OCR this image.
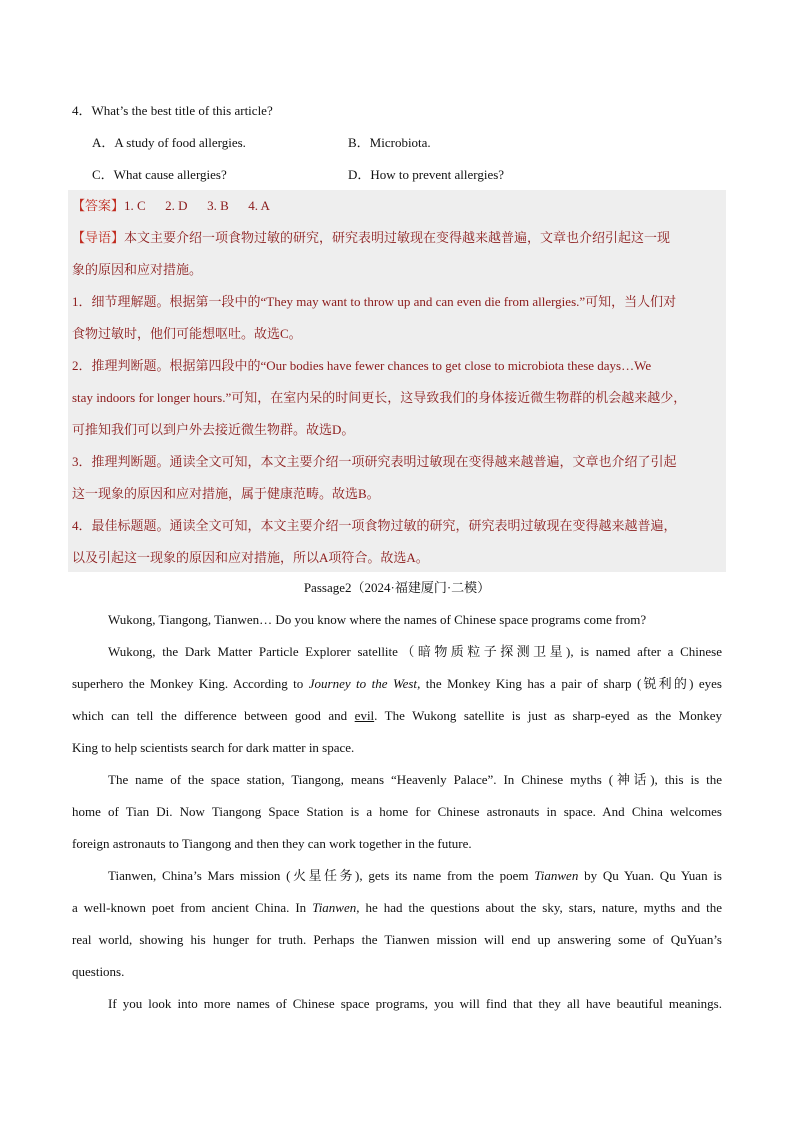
4．What’s the best title of this article?
A．A study of food allergies.	B．Microbiota.
C．What cause allergies?	D．How to prevent allergies?
【答案】1. C      2. D      3. B      4. A
【导语】本文主要介绍一项食物过敏的研究，研究表明过敏现在变得越来越普遍，文章也介绍引起这一现
象的原因和应对措施。
1．细节理解题。根据第一段中的“They may want to throw up and can even die from allergies.”可知，当人们对
食物过敏时，他们可能想呕吐。故选C。
2．推理判断题。根据第四段中的“Our bodies have fewer chances to get close to microbiota these days…We
stay indoors for longer hours.”可知，在室内呆的时间更长，这导致我们的身体接近微生物群的机会越来越少，
可推知我们可以到户外去接近微生物群。故选D。
3．推理判断题。通读全文可知，本文主要介绍一项研究表明过敏现在变得越来越普遍，文章也介绍了引起
这一现象的原因和应对措施，属于健康范畴。故选B。
4．最佳标题题。通读全文可知，本文主要介绍一项食物过敏的研究，研究表明过敏现在变得越来越普遍，
以及引起这一现象的原因和应对措施，所以A项符合。故选A。
Passage2（2024·福建厦门·二模）
Wukong, Tiangong, Tianwen… Do you know where the names of Chinese space programs come from?
Wukong, the Dark Matter Particle Explorer satellite（暗物质粒子探测卫星), is named after a Chinese
superhero the Monkey King. According to Journey to the West, the Monkey King has a pair of sharp (锐利的) eyes
which can tell the difference between good and evil. The Wukong satellite is just as sharp-eyed as the Monkey
King to help scientists search for dark matter in space.
The name of the space station, Tiangong, means “Heavenly Palace”. In Chinese myths (神话), this is the
home of Tian Di. Now Tiangong Space Station is a home for Chinese astronauts in space. And China welcomes
foreign astronauts to Tiangong and then they can work together in the future.
Tianwen, China’s Mars mission (火星任务), gets its name from the poem Tianwen by Qu Yuan. Qu Yuan is
a well-known poet from ancient China. In Tianwen, he had the questions about the sky, stars, nature, myths and the
real world, showing his hunger for truth. Perhaps the Tianwen mission will end up answering some of QuYuan’s
questions.
If you look into more names of Chinese space programs, you will find that they all have beautiful meanings.
